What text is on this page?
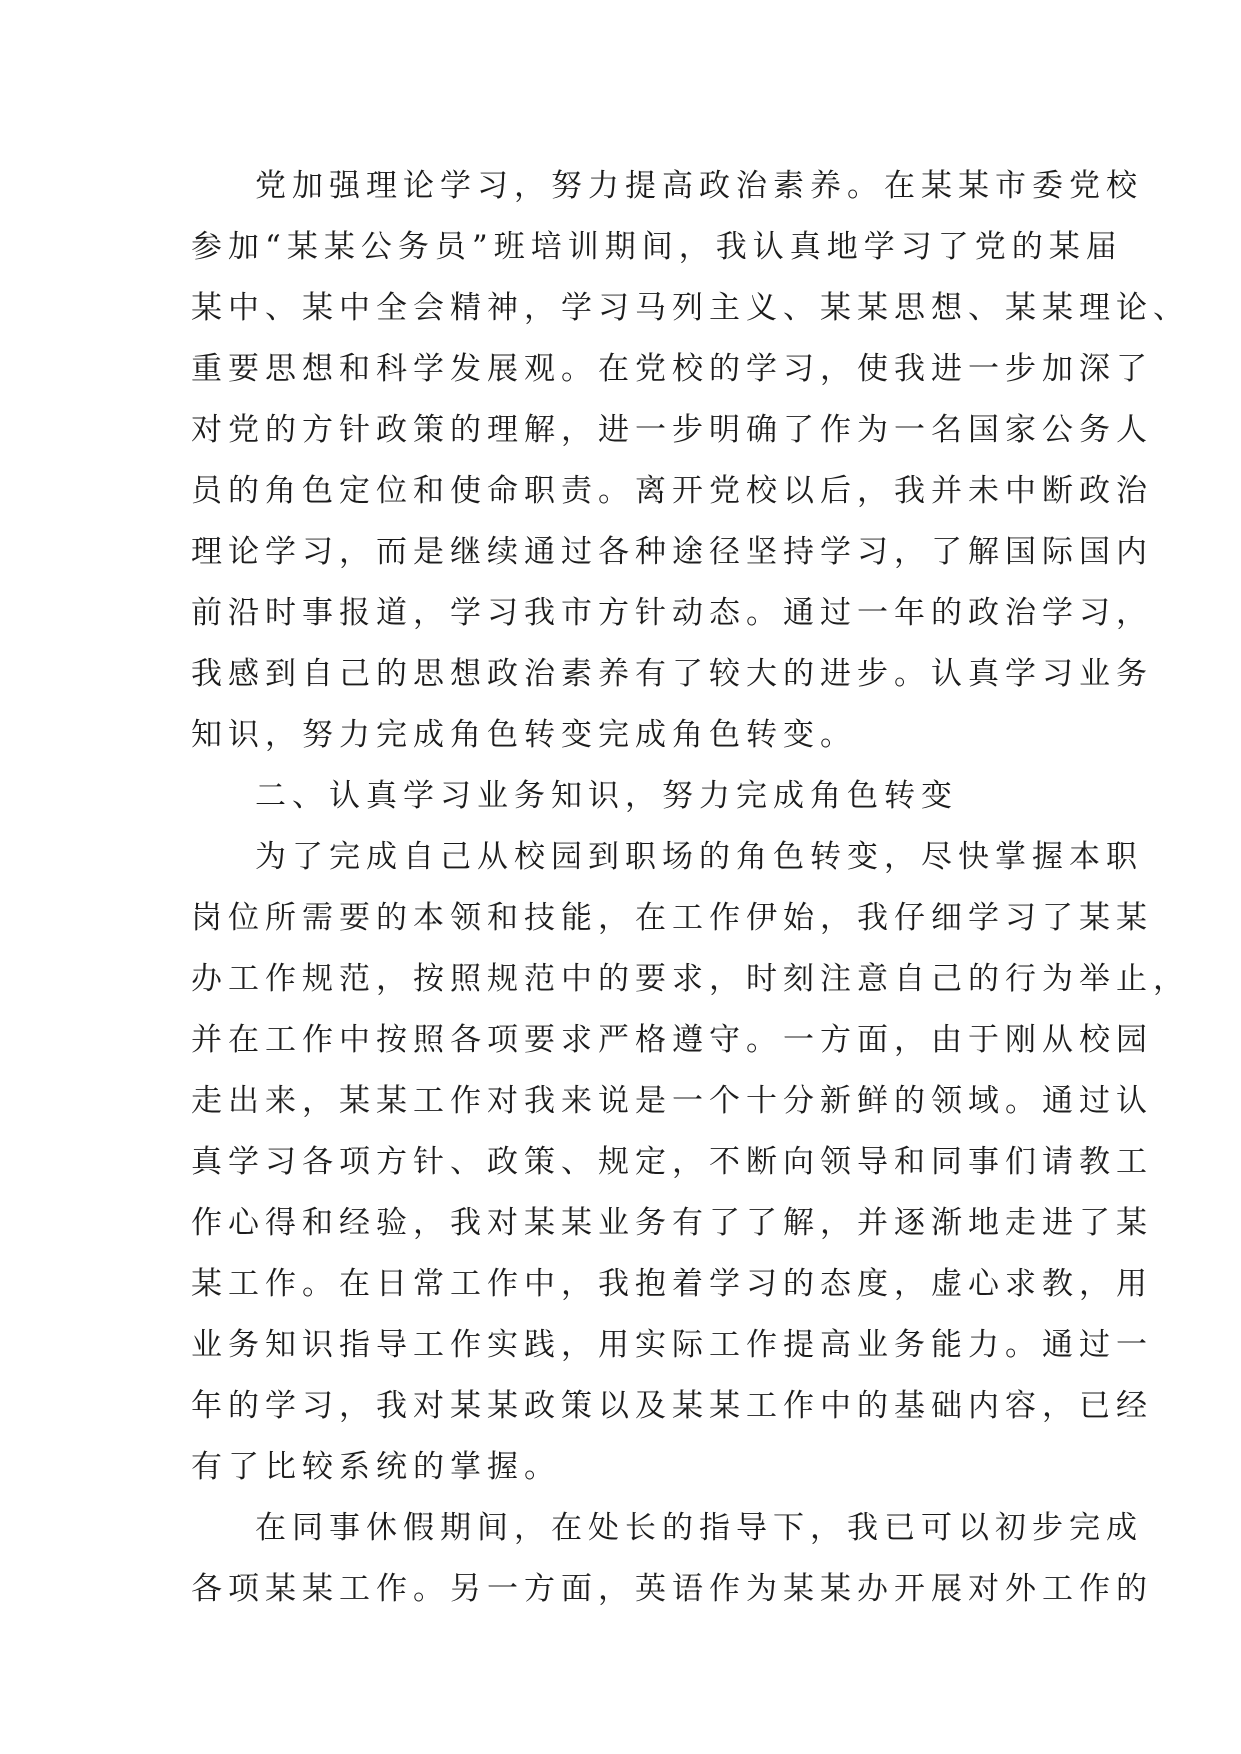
党加强理论学习，努力提高政治素养。在某某市委党校
参加“某某公务员”班培训期间，我认真地学习了党的某届
某中、某中全会精神，学习马列主义、某某思想、某某理论、
重要思想和科学发展观。在党校的学习，使我进一步加深了
对党的方针政策的理解，进一步明确了作为一名国家公务人
员的角色定位和使命职责。离开党校以后，我并未中断政治
理论学习，而是继续通过各种途径坚持学习，了解国际国内
前沿时事报道，学习我市方针动态。通过一年的政治学习，
我感到自己的思想政治素养有了较大的进步。认真学习业务
知识，努力完成角色转变完成角色转变。
二、认真学习业务知识，努力完成角色转变
为了完成自己从校园到职场的角色转变，尽快掌握本职
岗位所需要的本领和技能，在工作伊始，我仔细学习了某某
办工作规范，按照规范中的要求，时刻注意自己的行为举止，
并在工作中按照各项要求严格遵守。一方面，由于刚从校园
走出来，某某工作对我来说是一个十分新鲜的领域。通过认
真学习各项方针、政策、规定，不断向领导和同事们请教工
作心得和经验，我对某某业务有了了解，并逐渐地走进了某
某工作。在日常工作中，我抱着学习的态度，虚心求教，用
业务知识指导工作实践，用实际工作提高业务能力。通过一
年的学习，我对某某政策以及某某工作中的基础内容，已经
有了比较系统的掌握。
在同事休假期间，在处长的指导下，我已可以初步完成
各项某某工作。另一方面，英语作为某某办开展对外工作的
